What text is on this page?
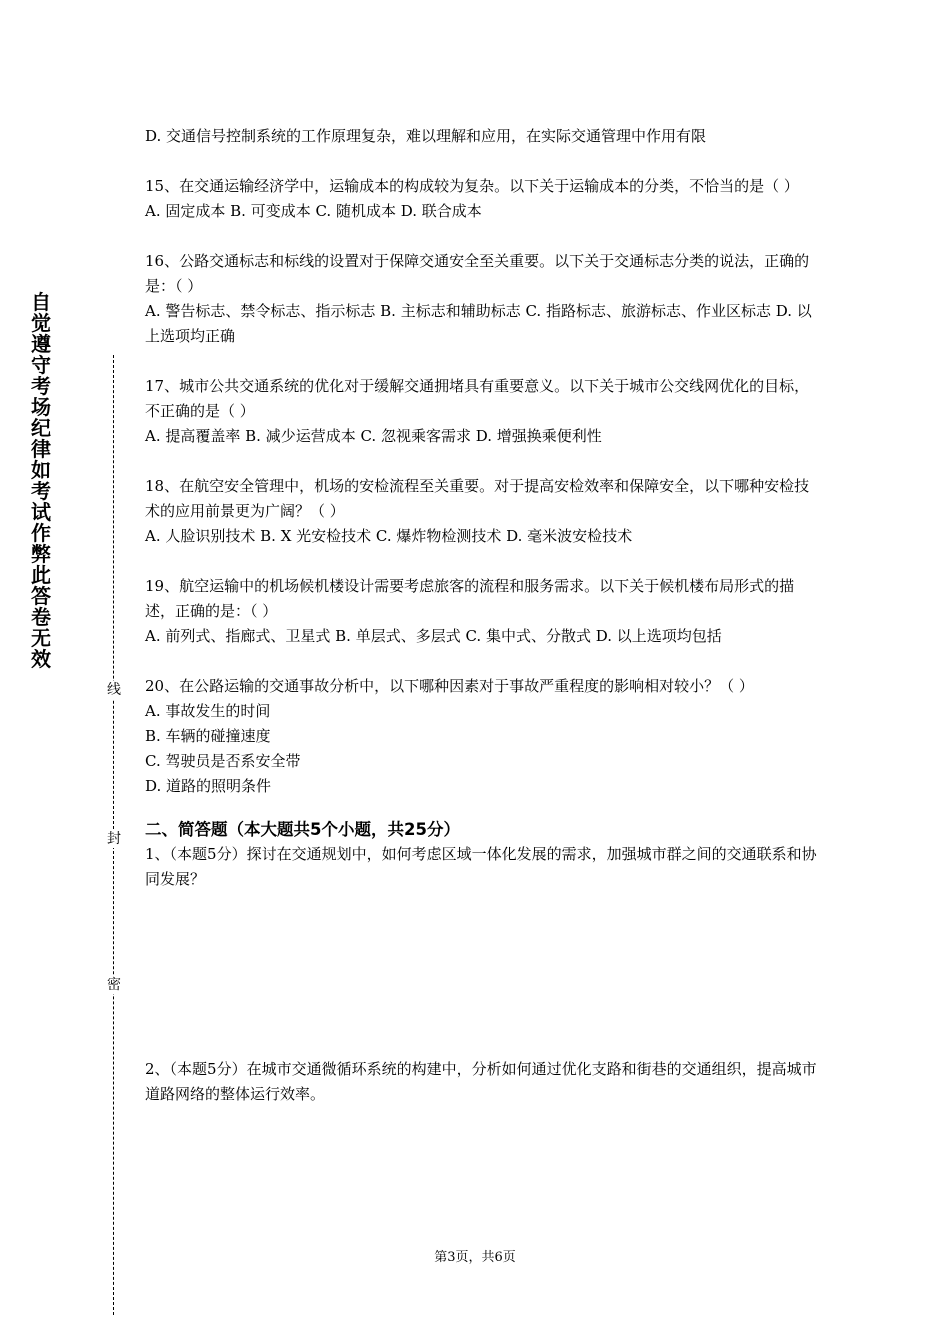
自觉遵守考场纪律如考试作弊此答卷无效
线
封
密

D. 交通信号控制系统的工作原理复杂，难以理解和应用，在实际交通管理中作用有限

15、在交通运输经济学中，运输成本的构成较为复杂。以下关于运输成本的分类，不恰当的是（ ）

A. 固定成本 B. 可变成本 C. 随机成本 D. 联合成本

16、公路交通标志和标线的设置对于保障交通安全至关重要。以下关于交通标志分类的说法，正确的是：（ ）

A. 警告标志、禁令标志、指示标志 B. 主标志和辅助标志 C. 指路标志、旅游标志、作业区标志 D. 以上选项均正确

17、城市公共交通系统的优化对于缓解交通拥堵具有重要意义。以下关于城市公交线网优化的目标，不正确的是（ ）

A. 提高覆盖率 B. 减少运营成本 C. 忽视乘客需求 D. 增强换乘便利性

18、在航空安全管理中，机场的安检流程至关重要。对于提高安检效率和保障安全，以下哪种安检技术的应用前景更为广阔？（ ）

A. 人脸识别技术 B. X 光安检技术 C. 爆炸物检测技术 D. 毫米波安检技术

19、航空运输中的机场候机楼设计需要考虑旅客的流程和服务需求。以下关于候机楼布局形式的描述，正确的是：（ ）

A. 前列式、指廊式、卫星式 B. 单层式、多层式 C. 集中式、分散式 D. 以上选项均包括

20、在公路运输的交通事故分析中，以下哪种因素对于事故严重程度的影响相对较小？（ ）

A. 事故发生的时间

B. 车辆的碰撞速度

C. 驾驶员是否系安全带

D. 道路的照明条件

二、简答题（本大题共5个小题，共25分）

1、（本题5分）探讨在交通规划中，如何考虑区域一体化发展的需求，加强城市群之间的交通联系和协同发展？

2、（本题5分）在城市交通微循环系统的构建中，分析如何通过优化支路和街巷的交通组织，提高城市道路网络的整体运行效率。

第3页，共6页
